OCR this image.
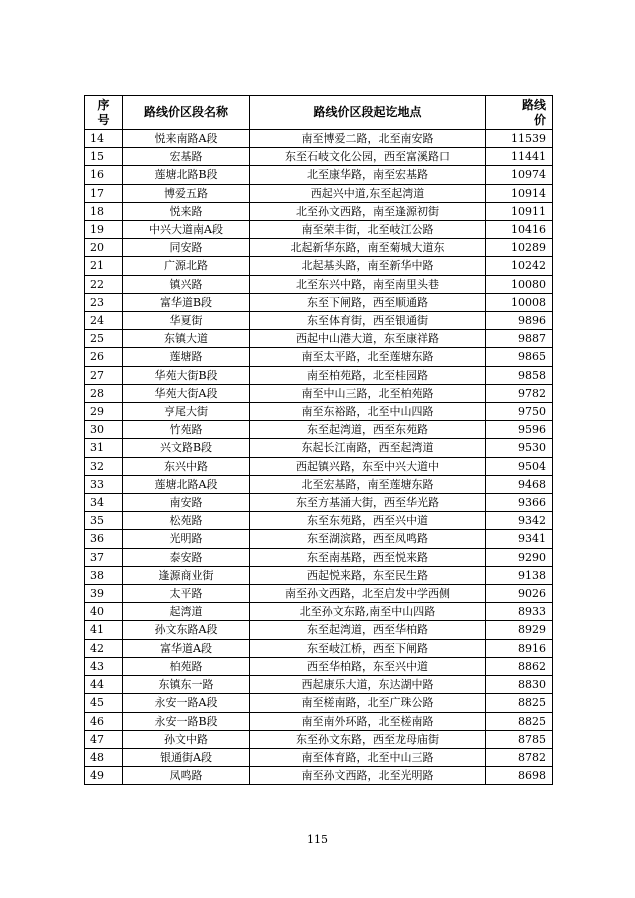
序
号	路线价区段名称	路线价区段起讫地点	路线
价
14	悦来南路A段	南至博爱二路，北至南安路	11539
15	宏基路	东至石岐文化公园，西至富溪路口	11441
16	莲塘北路B段	北至康华路，南至宏基路	10974
17	博爱五路	西起兴中道,东至起湾道	10914
18	悦来路	北至孙文西路，南至逢源初街	10911
19	中兴大道南A段	南至荣丰街，北至岐江公路	10416
20	同安路	北起新华东路，南至菊城大道东	10289
21	广源北路	北起基头路，南至新华中路	10242
22	镇兴路	北至东兴中路，南至南里头巷	10080
23	富华道B段	东至下闸路，西至顺通路	10008
24	华夏街	东至体育街，西至银通街	9896
25	东镇大道	西起中山港大道，东至康祥路	9887
26	莲塘路	南至太平路，北至莲塘东路	9865
27	华苑大街B段	南至柏苑路，北至桂园路	9858
28	华苑大街A段	南至中山三路，北至柏苑路	9782
29	亨尾大街	南至东裕路，北至中山四路	9750
30	竹苑路	东至起湾道，西至东苑路	9596
31	兴文路B段	东起长江南路，西至起湾道	9530
32	东兴中路	西起镇兴路，东至中兴大道中	9504
33	莲塘北路A段	北至宏基路，南至莲塘东路	9468
34	南安路	东至方基涌大街，西至华光路	9366
35	松苑路	东至东苑路，西至兴中道	9342
36	光明路	东至湖滨路，西至凤鸣路	9341
37	泰安路	东至南基路，西至悦来路	9290
38	逢源商业街	西起悦来路，东至民生路	9138
39	太平路	南至孙文西路，北至启发中学西侧	9026
40	起湾道	北至孙文东路,南至中山四路	8933
41	孙文东路A段	东至起湾道，西至华柏路	8929
42	富华道A段	东至岐江桥，西至下闸路	8916
43	柏苑路	西至华柏路，东至兴中道	8862
44	东镇东一路	西起康乐大道，东达湖中路	8830
45	永安一路A段	南至槎南路，北至广珠公路	8825
46	永安一路B段	南至南外环路，北至槎南路	8825
47	孙文中路	东至孙文东路，西至龙母庙街	8785
48	银通街A段	南至体育路，北至中山三路	8782
49	凤鸣路	南至孙文西路，北至光明路	8698
115
